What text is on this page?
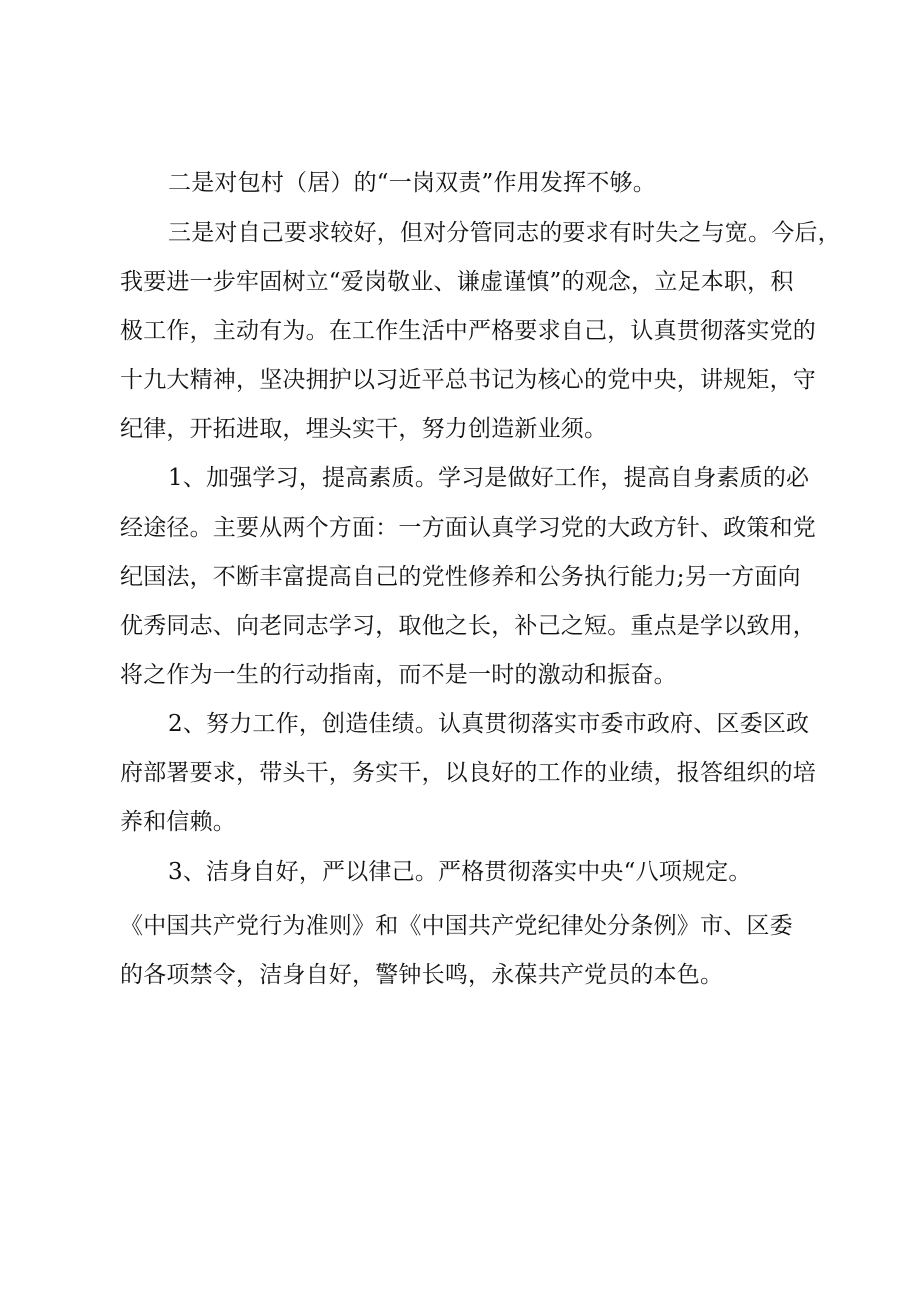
二是对包村（居）的“一岗双责”作用发挥不够。
三是对自己要求较好，但对分管同志的要求有时失之与宽。今后，
我要进一步牢固树立“爱岗敬业、谦虚谨慎”的观念，立足本职，积
极工作，主动有为。在工作生活中严格要求自己，认真贯彻落实党的
十九大精神，坚决拥护以习近平总书记为核心的党中央，讲规矩，守
纪律，开拓进取，埋头实干，努力创造新业须。
1、加强学习，提高素质。学习是做好工作，提高自身素质的必
经途径。主要从两个方面：一方面认真学习党的大政方针、政策和党
纪国法，不断丰富提高自己的党性修养和公务执行能力;另一方面向
优秀同志、向老同志学习，取他之长，补己之短。重点是学以致用，
将之作为一生的行动指南，而不是一时的激动和振奋。
2、努力工作，创造佳绩。认真贯彻落实市委市政府、区委区政
府部署要求，带头干，务实干，以良好的工作的业绩，报答组织的培
养和信赖。
3、洁身自好，严以律己。严格贯彻落实中央“八项规定。
《中国共产党行为准则》和《中国共产党纪律处分条例》市、区委
的各项禁令，洁身自好，警钟长鸣，永葆共产党员的本色。
